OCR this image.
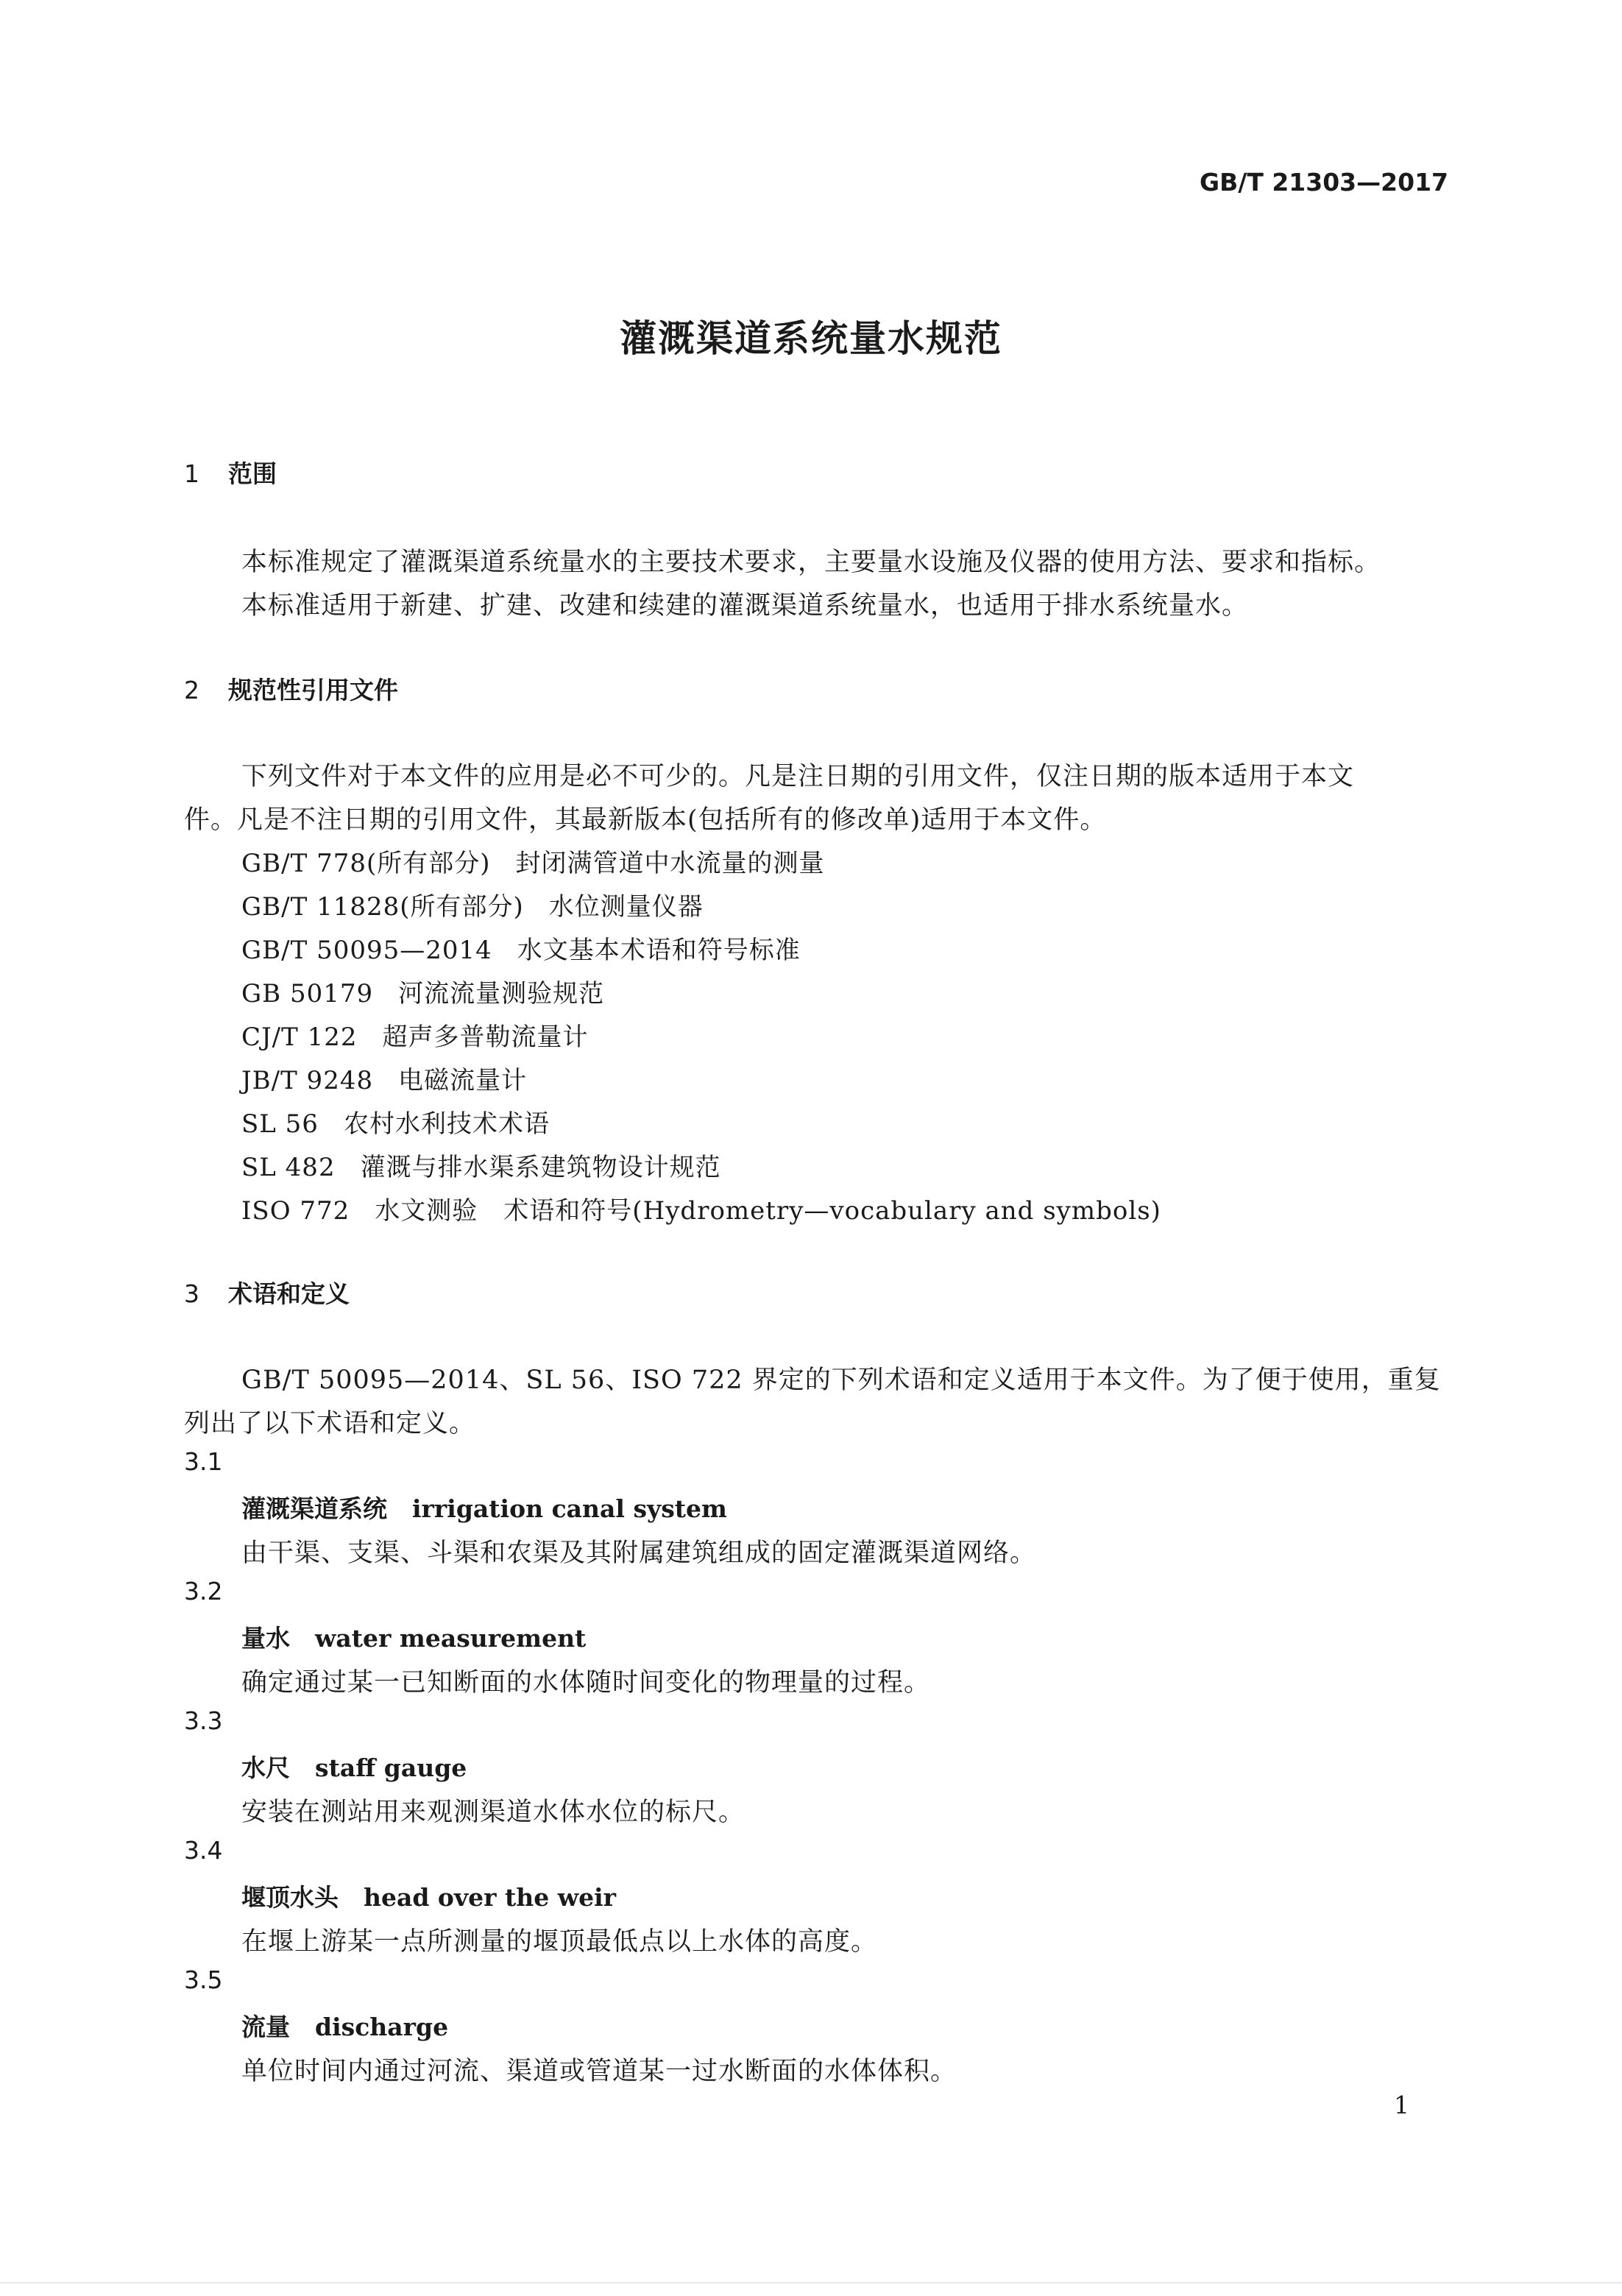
GB/T 21303—2017
灌溉渠道系统量水规范
1 范围
本标准规定了灌溉渠道系统量水的主要技术要求，主要量水设施及仪器的使用方法、要求和指标。
本标准适用于新建、扩建、改建和续建的灌溉渠道系统量水，也适用于排水系统量水。
2 规范性引用文件
下列文件对于本文件的应用是必不可少的。凡是注日期的引用文件，仅注日期的版本适用于本文
件。凡是不注日期的引用文件，其最新版本(包括所有的修改单)适用于本文件。
GB/T 778(所有部分) 封闭满管道中水流量的测量
GB/T 11828(所有部分) 水位测量仪器
GB/T 50095—2014 水文基本术语和符号标准
GB 50179 河流流量测验规范
CJ/T 122 超声多普勒流量计
JB/T 9248 电磁流量计
SL 56 农村水利技术术语
SL 482 灌溉与排水渠系建筑物设计规范
ISO 772 水文测验　术语和符号(Hydrometry—vocabulary and symbols)
3 术语和定义
GB/T 50095—2014、SL 56、ISO 722 界定的下列术语和定义适用于本文件。为了便于使用，重复
列出了以下术语和定义。
3.1
灌溉渠道系统 irrigation canal system
由干渠、支渠、斗渠和农渠及其附属建筑组成的固定灌溉渠道网络。
3.2
量水 water measurement
确定通过某一已知断面的水体随时间变化的物理量的过程。
3.3
水尺 staff gauge
安装在测站用来观测渠道水体水位的标尺。
3.4
堰顶水头 head over the weir
在堰上游某一点所测量的堰顶最低点以上水体的高度。
3.5
流量 discharge
单位时间内通过河流、渠道或管道某一过水断面的水体体积。
1
